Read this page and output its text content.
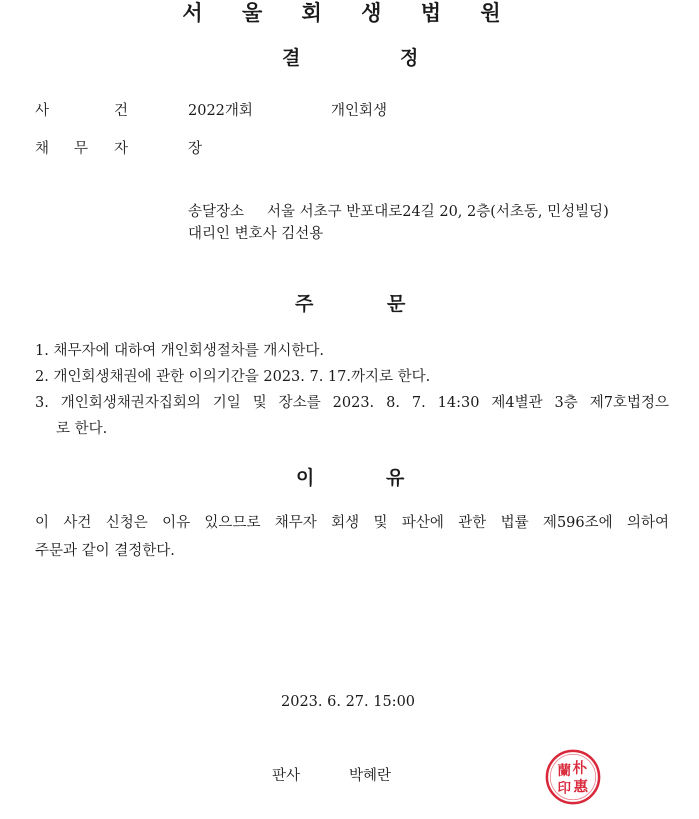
서 울 회 생 법 원
결	정
사	건	2022개회	개인회생
채 무 자	장
송달장소 서울 서초구 반포대로24길 20, 2층(서초동, 민성빌딩)
대리인 변호사 김선용
주	문
1. 채무자에 대하여 개인회생절차를 개시한다.
2. 개인회생채권에 관한 이의기간을 2023. 7. 17.까지로 한다.
3. 개인회생채권자집회의 기일 및 장소를 2023. 8. 7. 14:30 제4별관 3층 제7호법정으
로 한다.
이	유
이 사건 신청은 이유 있으므로 채무자 회생 및 파산에 관한 법률 제596조에 의하여
주문과 같이 결정한다.
2023. 6. 27. 15:00
판사	박혜란	朴
惠
蘭
印
